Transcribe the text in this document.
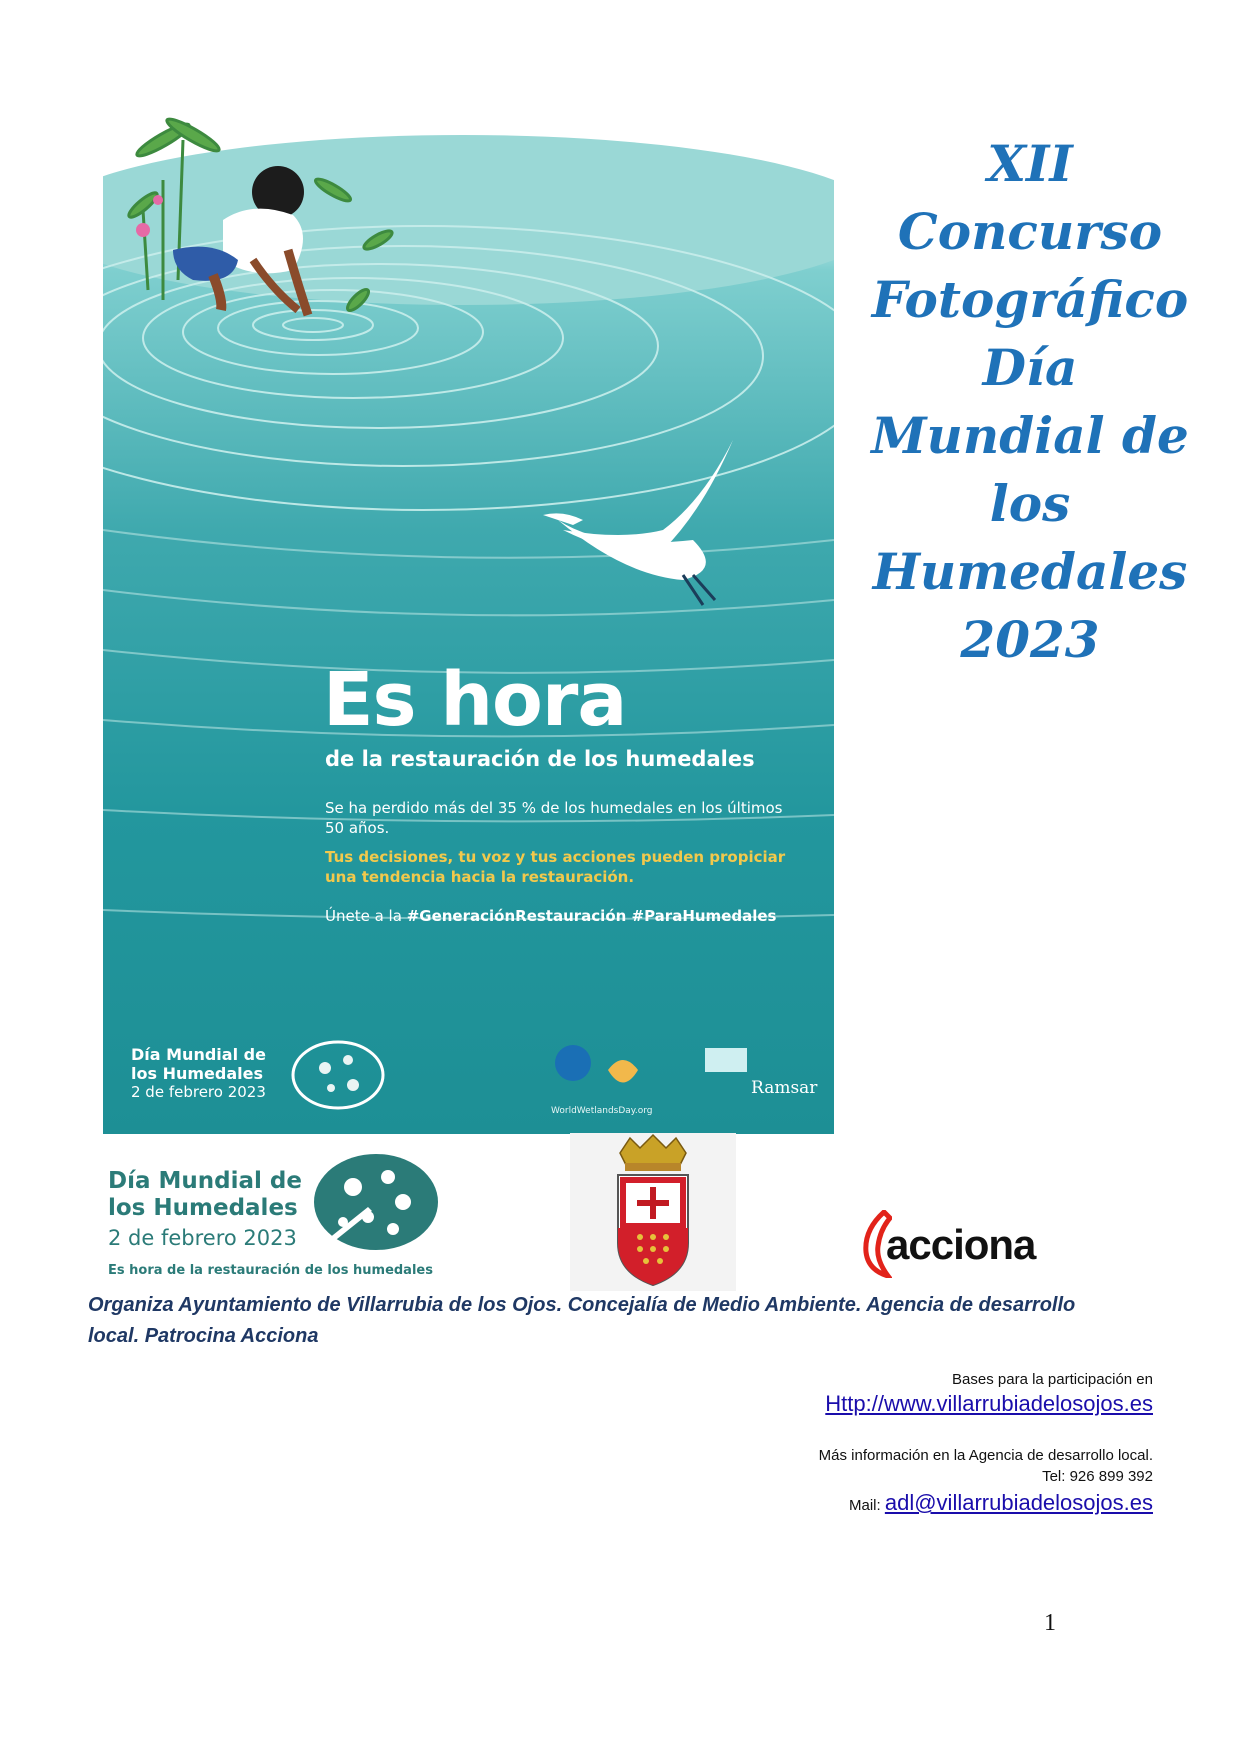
Es hora
de la restauración de los humedales
Se ha perdido más del 35 % de los humedales en los últimos 50 años.
Tus decisiones, tu voz y tus acciones pueden propiciar una tendencia hacia la restauración.
Únete a la #GeneraciónRestauración #ParaHumedales
Día Mundial de
los Humedales
2 de febrero 2023
WorldWetlandsDay.org
Ramsar
XII
Concurso
Fotográfico
Día
Mundial de
los
Humedales
2023
Día Mundial de
los Humedales
2 de febrero 2023
Es hora de la restauración de los humedales
acciona
Organiza Ayuntamiento de Villarrubia de los Ojos. Concejalía de Medio Ambiente. Agencia de desarrollo local. Patrocina Acciona
Bases para la participación en
Http://www.villarrubiadelosojos.es
Más información en la Agencia de desarrollo local.
Tel: 926 899 392
Mail: adl@villarrubiadelosojos.es
1
